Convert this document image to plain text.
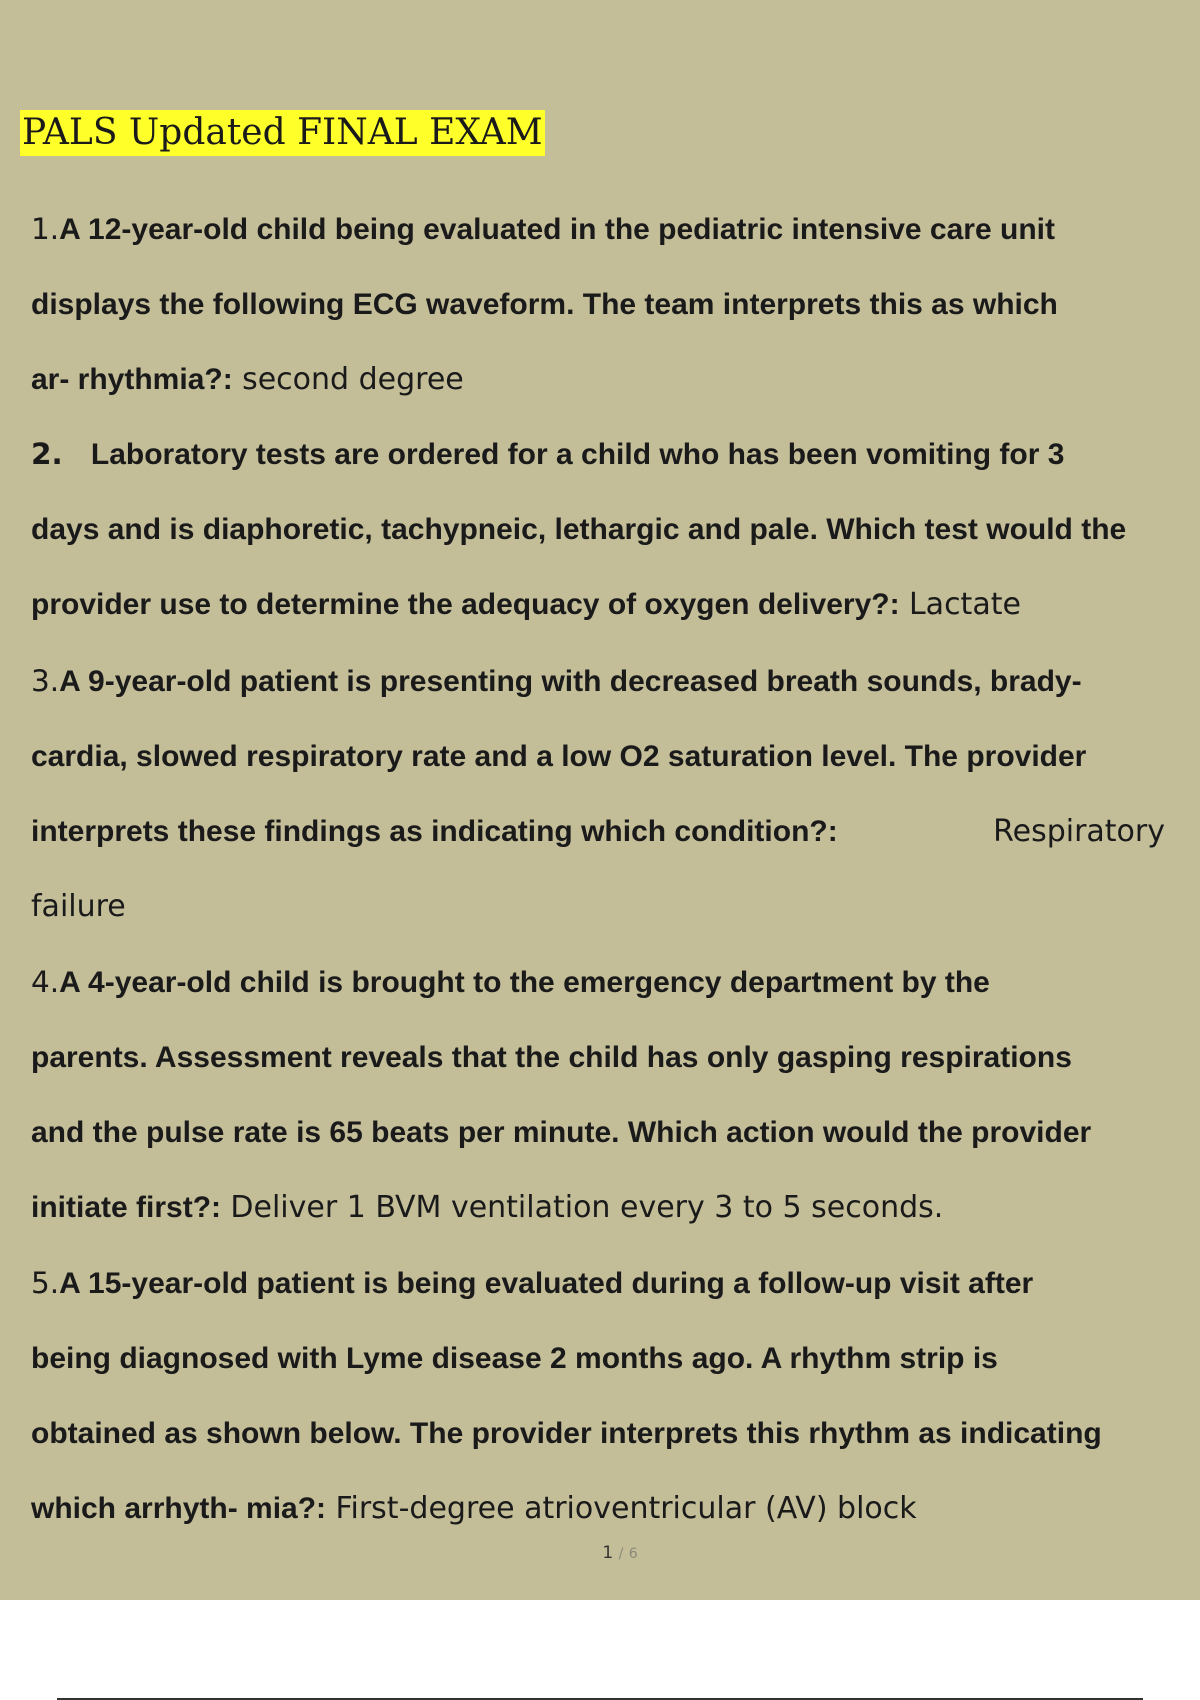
PALS Updated FINAL EXAM
1.A 12-year-old child being evaluated in the pediatric intensive care unit
displays the following ECG waveform. The team interprets this as which
ar- rhythmia?: second degree
2. Laboratory tests are ordered for a child who has been vomiting for 3
days and is diaphoretic, tachypneic, lethargic and pale. Which test would the
provider use to determine the adequacy of oxygen delivery?: Lactate
3.A 9-year-old patient is presenting with decreased breath sounds, brady-
cardia, slowed respiratory rate and a low O2 saturation level. The provider
interprets these findings as indicating which condition?:	Respiratory
failure
4.A 4-year-old child is brought to the emergency department by the
parents. Assessment reveals that the child has only gasping respirations
and the pulse rate is 65 beats per minute. Which action would the provider
initiate first?: Deliver 1 BVM ventilation every 3 to 5 seconds.
5.A 15-year-old patient is being evaluated during a follow-up visit after
being diagnosed with Lyme disease 2 months ago. A rhythm strip is
obtained as shown below. The provider interprets this rhythm as indicating
which arrhyth- mia?: First-degree atrioventricular (AV) block
1 / 6
